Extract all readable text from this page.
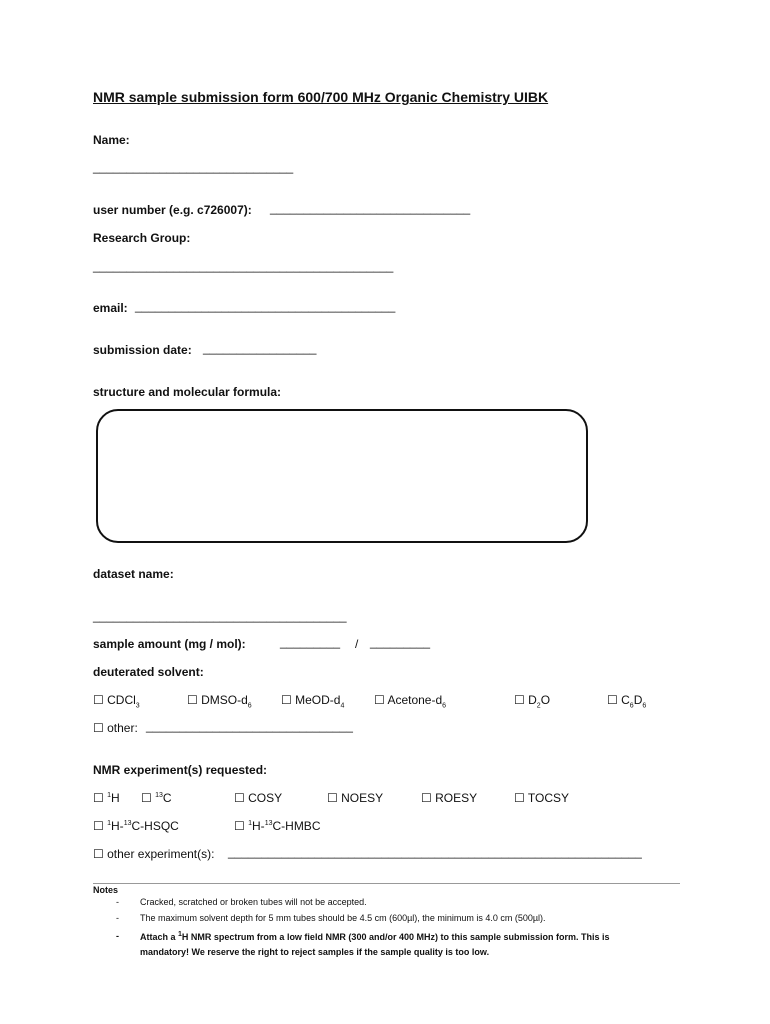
NMR sample submission form 600/700 MHz Organic Chemistry UIBK
Name:
______________________________
user number (e.g. c726007): ______________________________
Research Group:
_____________________________________________
email: _______________________________________
submission date: _________________
structure and molecular formula:
dataset name:
______________________________________
sample amount (mg / mol):	_________ / _________
deuterated solvent:
☐ CDCl$_3$	☐ DMSO-$d_6$ ☐ MeOD-$d_4$ ☐ Acetone-$d_6$	☐ $D_2O$	☐ $C_6D_6$
☐ other: _______________________________
NMR experiment(s) requested:
☐ $^1$H ☐ $^{13}$C	☐ COSY	☐ NOESY	☐ ROESY	☐ TOCSY
☐ $^1$H-$^{13}$C-HSQC	☐ $^1$H-$^{13}$C-HMBC
☐ other experiment(s): ______________________________________________________________
Notes
- Cracked, scratched or broken tubes will not be accepted.
- The maximum solvent depth for 5 mm tubes should be 4.5 cm (600µl), the minimum is 4.0 cm (500µl).
- Attach a $^1$H NMR spectrum from a low field NMR (300 and/or 400 MHz) to this sample submission form. This is
mandatory! We reserve the right to reject samples if the sample quality is too low.
